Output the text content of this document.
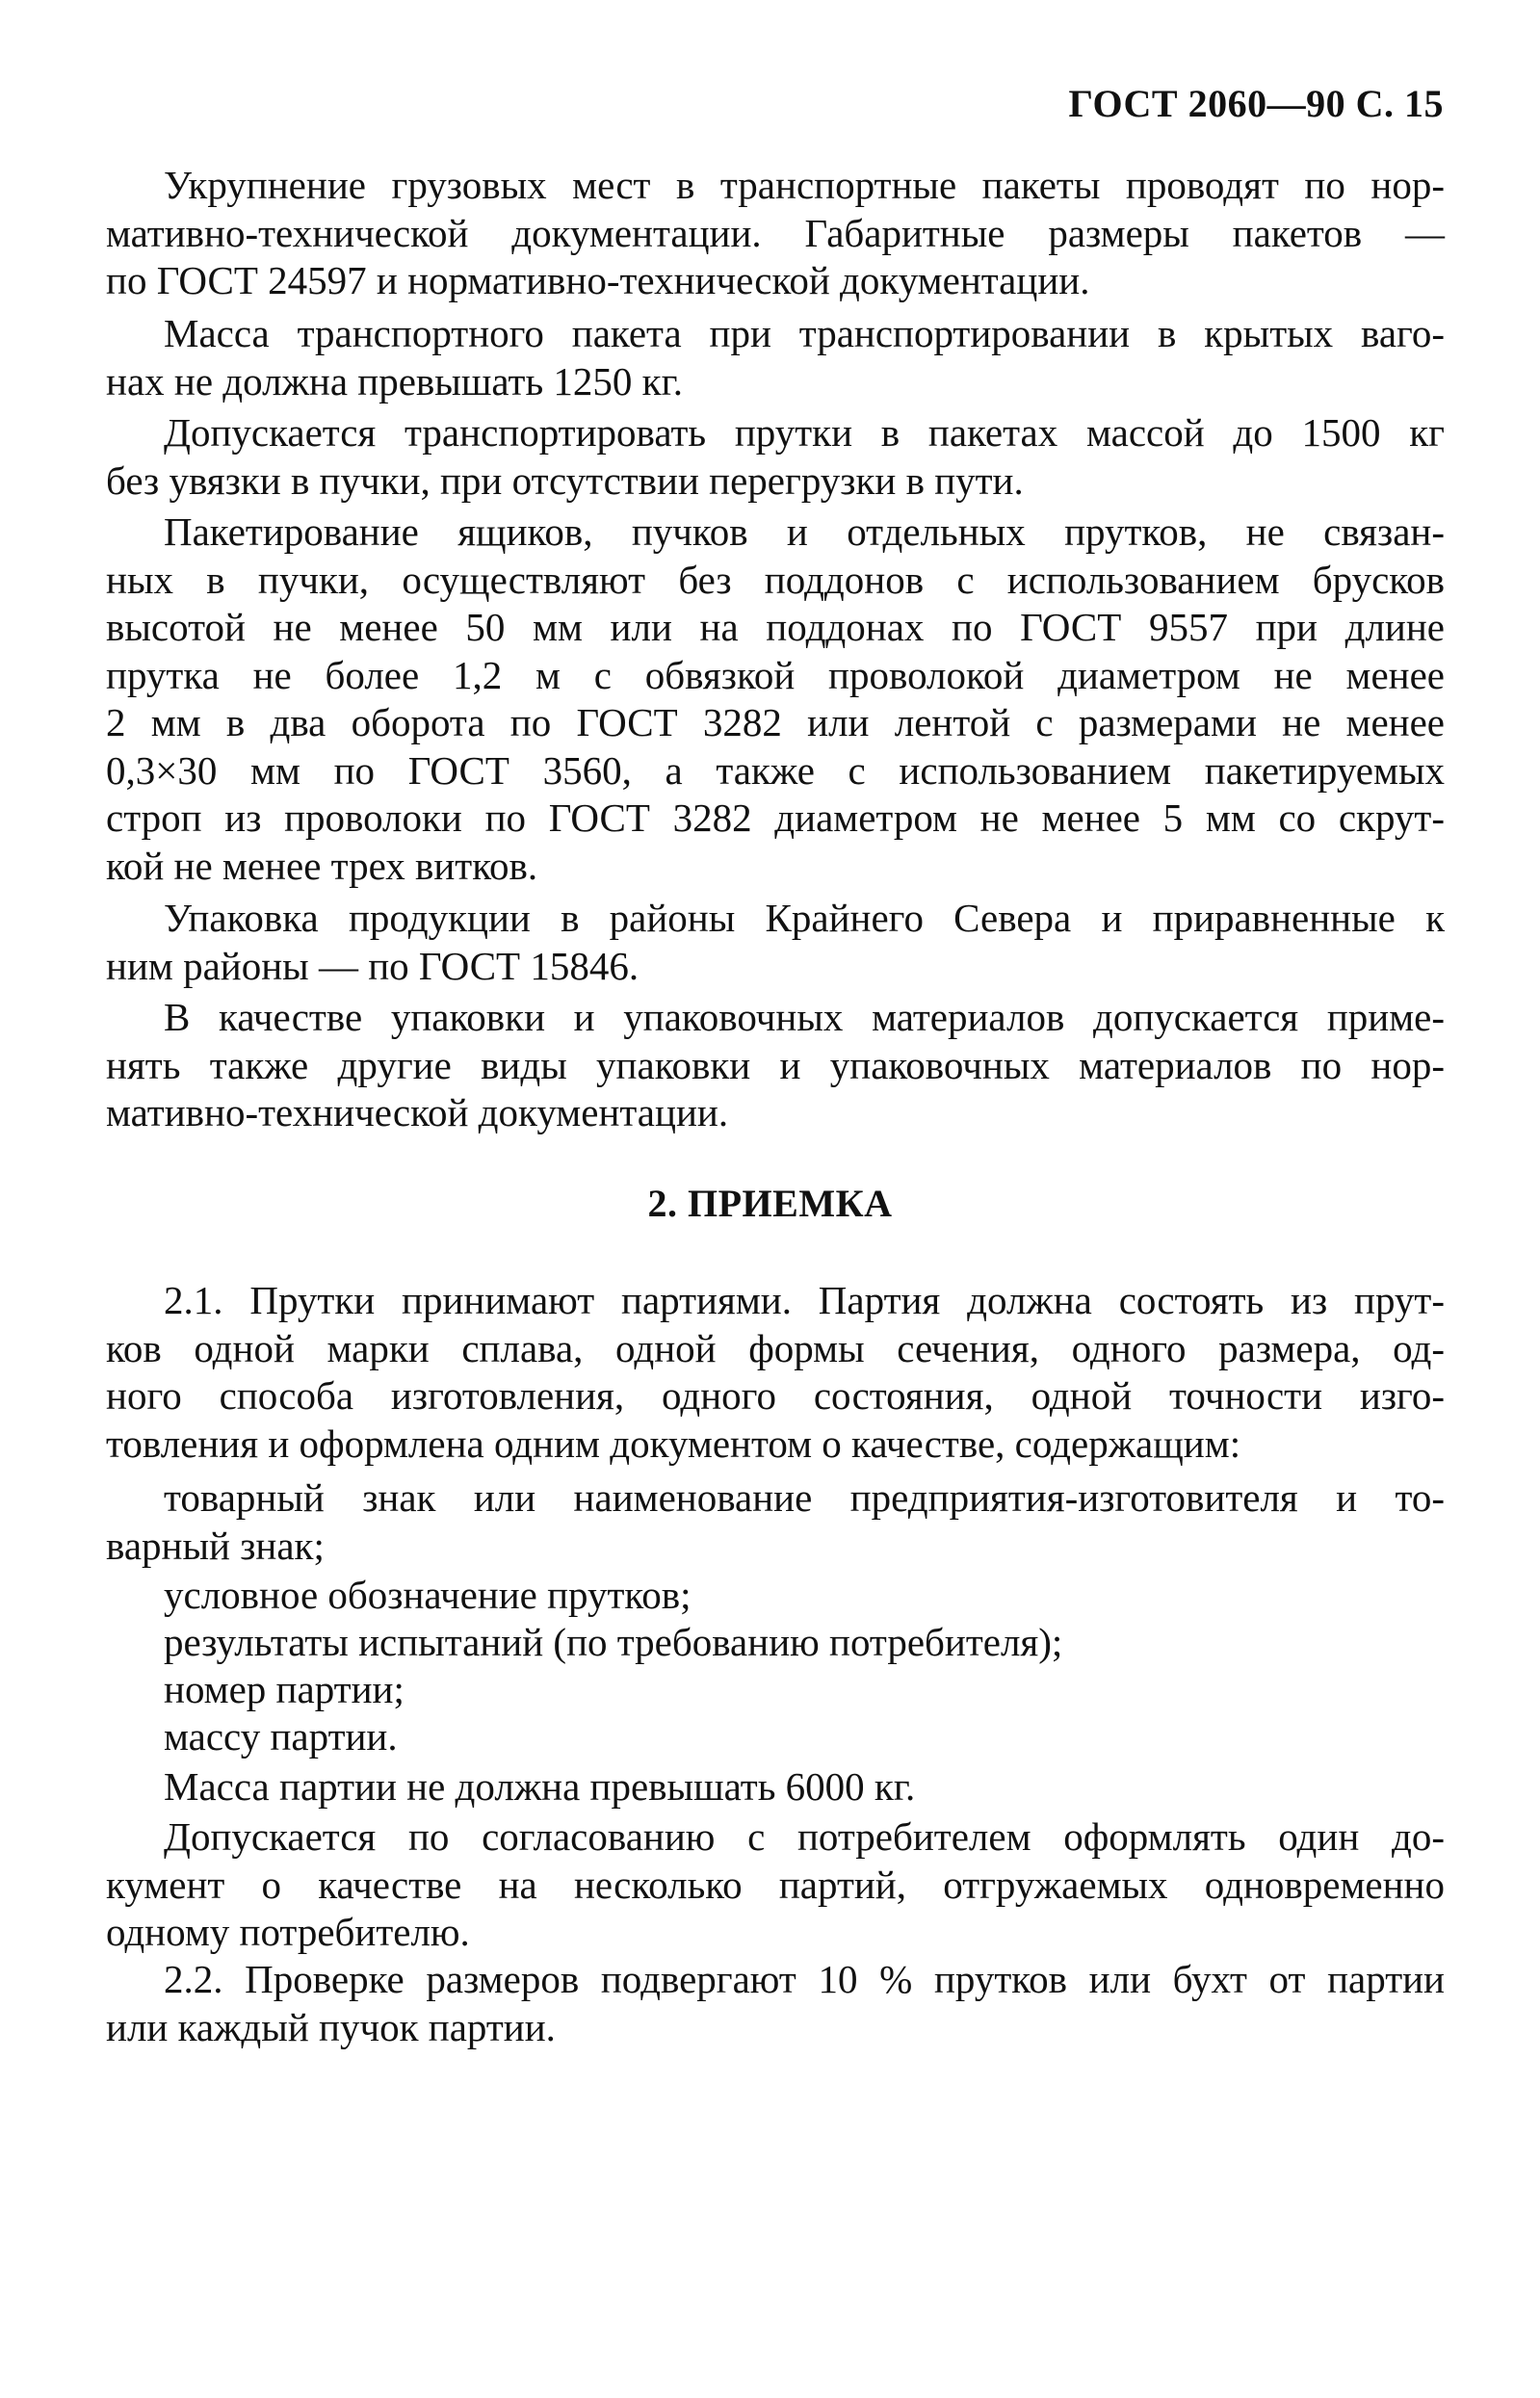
ГОСТ 2060—90 С. 15
Укрупнение грузовых мест в транспортные пакеты проводят по нор-
мативно-технической документации. Габаритные размеры пакетов —
по ГОСТ 24597 и нормативно-технической документации.
Масса транспортного пакета при транспортировании в крытых ваго-
нах не должна превышать 1250 кг.
Допускается транспортировать прутки в пакетах массой до 1500 кг
без увязки в пучки, при отсутствии перегрузки в пути.
Пакетирование ящиков, пучков и отдельных прутков, не связан-
ных в пучки, осуществляют без поддонов с использованием брусков
высотой не менее 50 мм или на поддонах по ГОСТ 9557 при длине
прутка не более 1,2 м с обвязкой проволокой диаметром не менее
2 мм в два оборота по ГОСТ 3282 или лентой с размерами не менее
0,3×30 мм по ГОСТ 3560, а также с использованием пакетируемых
строп из проволоки по ГОСТ 3282 диаметром не менее 5 мм со скрут-
кой не менее трех витков.
Упаковка продукции в районы Крайнего Севера и приравненные к
ним районы — по ГОСТ 15846.
В качестве упаковки и упаковочных материалов допускается приме-
нять также другие виды упаковки и упаковочных материалов по нор-
мативно-технической документации.
2. ПРИЕМКА
2.1. Прутки принимают партиями. Партия должна состоять из прут-
ков одной марки сплава, одной формы сечения, одного размера, од-
ного способа изготовления, одного состояния, одной точности изго-
товления и оформлена одним документом о качестве, содержащим:
товарный знак или наименование предприятия-изготовителя и то-
варный знак;
условное обозначение прутков;
результаты испытаний (по требованию потребителя);
номер партии;
массу партии.
Масса партии не должна превышать 6000 кг.
Допускается по согласованию с потребителем оформлять один до-
кумент о качестве на несколько партий, отгружаемых одновременно
одному потребителю.
2.2. Проверке размеров подвергают 10 % прутков или бухт от партии
или каждый пучок партии.
